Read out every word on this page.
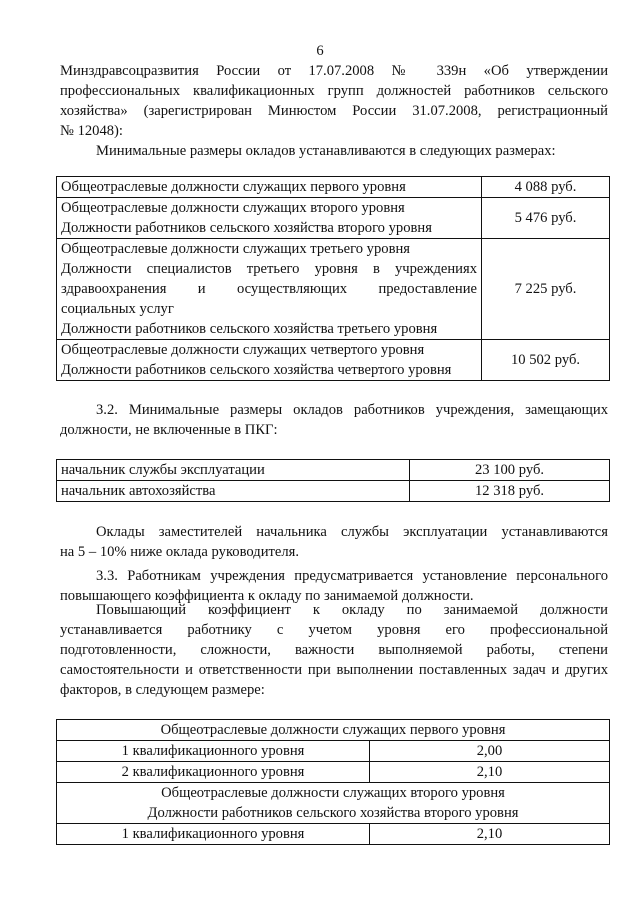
6
Минздравсоцразвития России от 17.07.2008 № 339н «Об утверждении
профессиональных квалификационных групп должностей работников сельского
хозяйства» (зарегистрирован Минюстом России 31.07.2008, регистрационный
№ 12048):
Минимальные размеры окладов устанавливаются в следующих размерах:
Общеотраслевые должности служащих первого уровня	4 088 руб.

Общеотраслевые должности служащих второго уровня
Должности работников сельского хозяйства второго уровня	5 476 руб.

Общеотраслевые должности служащих третьего уровня
Должности специалистов третьего уровня в учреждениях
здравоохранения и осуществляющих предоставление
социальных услуг
Должности работников сельского хозяйства третьего уровня	7 225 руб.

Общеотраслевые должности служащих четвертого уровня
Должности работников сельского хозяйства четвертого уровня	10 502 руб.
3.2. Минимальные размеры окладов работников учреждения, замещающих
должности, не включенные в ПКГ:
начальник службы эксплуатации	23 100 руб.
начальник автохозяйства	12 318 руб.
Оклады заместителей начальника службы эксплуатации устанавливаются
на 5 – 10% ниже оклада руководителя.
3.3. Работникам учреждения предусматривается установление персонального
повышающего коэффициента к окладу по занимаемой должности.
Повышающий коэффициент к окладу по занимаемой должности
устанавливается работнику с учетом уровня его профессиональной
подготовленности, сложности, важности выполняемой работы, степени
самостоятельности и ответственности при выполнении поставленных задач и других
факторов, в следующем размере:
Общеотраслевые должности служащих первого уровня	
1 квалификационного уровня	2,00
2 квалификационного уровня	2,10

Общеотраслевые должности служащих второго уровня
Должности работников сельского хозяйства второго уровня	

1 квалификационного уровня	2,10
